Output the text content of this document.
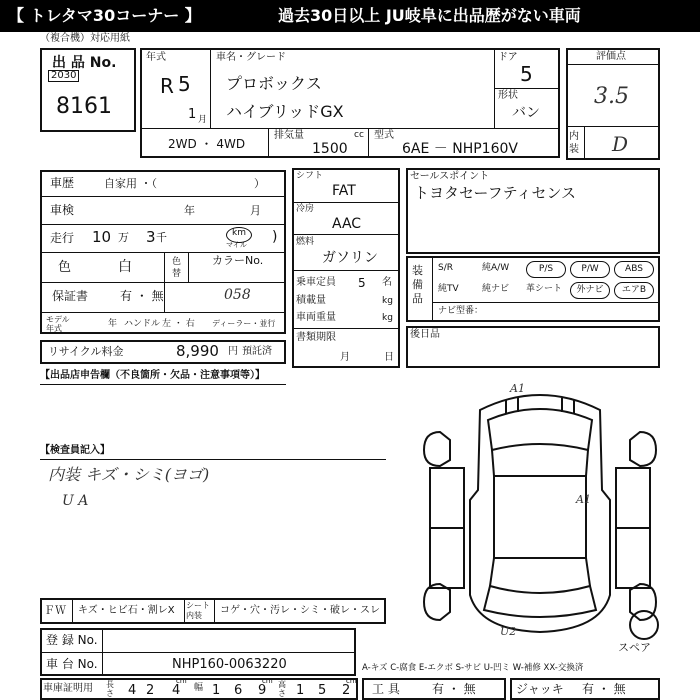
【 トレタマ30コーナー 】	過去30日以上 JU岐阜に出品歴がない車両
（複合機）対応用紙
出 品 No.
2030
8161
年式
R 5
1 月
車名・グレード
プロボックス
ハイブリッドGX
ドア
5
形状
バン
2WD ・ 4WD
排気量	cc
1500
型式
6AE － NHP160V
評価点
3.5
内装 D
車歴	自家用 ・（	）
車検	年	月
走行 10 万 3 千	km
マイル )
色	白	色替
カラーNo.
058
保証書	有 ・ 無
モデル年式	年 ハンドル 左 ・ 右 ディーラー・並行
リサイクル料金	8,990 円 預託済
シフト
FAT
冷房
AAC
燃料
ガソリン
乗車定員 5 名
積載量	kg
車両重量	kg
書類期限
月	日
セールスポイント
トヨタセーフティセンス
装備品
ナビ型番：
後日品
【出品店申告欄（不良箇所・欠品・注意事項等）】
【検査員記入】
内装 キズ・シミ(ヨゴ)
U A
A1
A1
U2
スペア
ＦＷ キズ・ヒビ石・割レX シート内装	コゲ・穴・汚レ・シミ・破レ・スレ
登 録 No.
車 台 No.	NHP160-0063220	A-キズ C-腐食 E-エクボ S-サビ U-凹ミ W-補修 XX-交換済
車庫証明用 長さ 4 2 4
cm
幅 1 6 9
cm 高さ 1 5 2
cm
工 具	有 ・ 無	ジャッキ 有 ・ 無
S/R	純A/W	P/S	P/W	ABS
純TV	純ナビ 革シート	外ナビ	エアB
